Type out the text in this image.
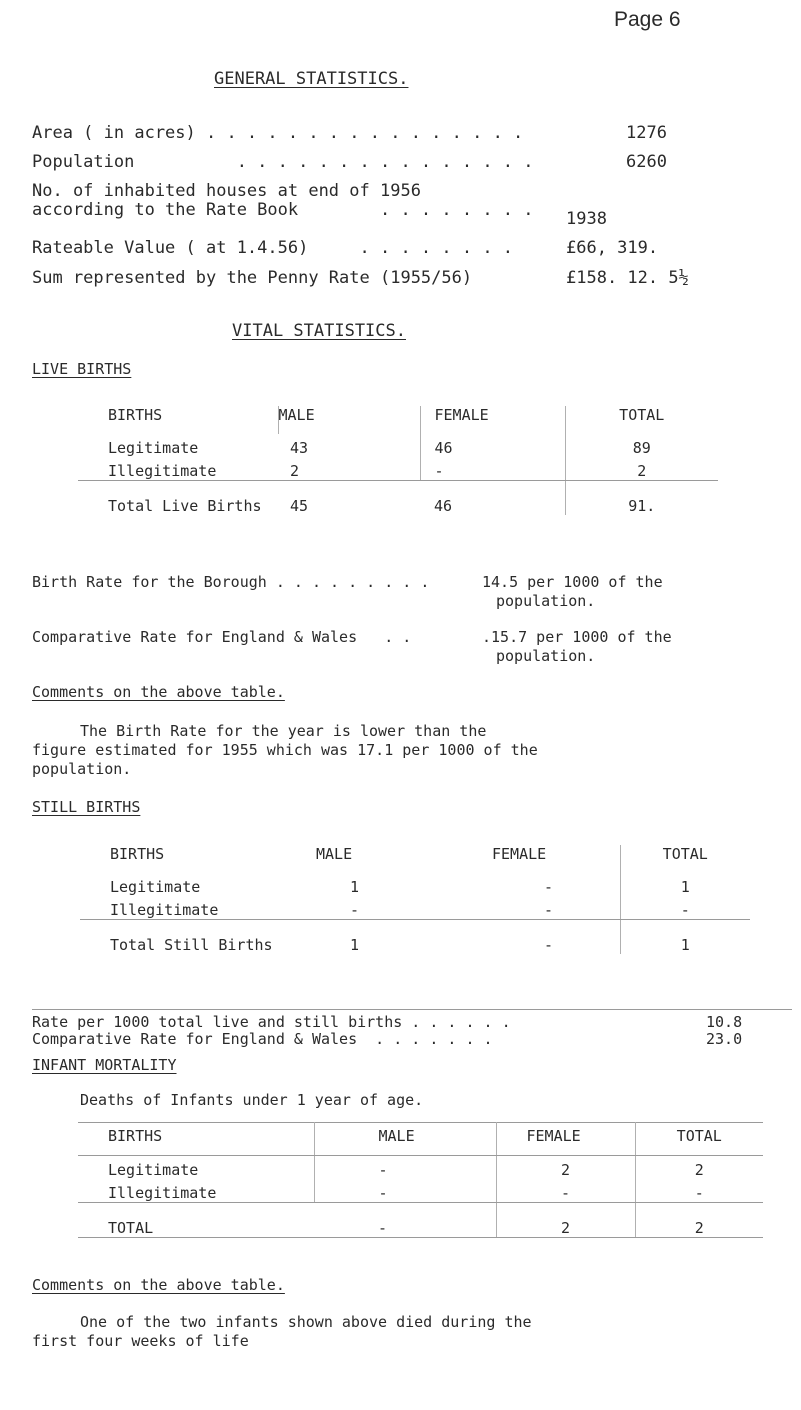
Page 6
GENERAL STATISTICS.
Area ( in acres) . . . . . . . . . . . . . . . .	1276
Population          . . . . . . . . . . . . . . .	6260
No. of inhabited houses at end of 1956
according to the Rate Book        . . . . . . . . 1938
Rateable Value ( at 1.4.56)     . . . . . . . .	£66, 319.
Sum represented by the Penny Rate (1955/56)	£158. 12. 5½
VITAL STATISTICS.
LIVE BIRTHS
BIRTHS	MALE	FEMALE	TOTAL
Legitimate	43	46	89
Illegitimate	2	-	2
Total Live Births	45	46	91.
Birth Rate for the Borough . . . . . . . . .	14.5 per 1000 of the
population.
Comparative Rate for England & Wales   . .	.15.7 per 1000 of the
population.
Comments on the above table.
The Birth Rate for the year is lower than the
figure estimated for 1955 which was 17.1 per 1000 of the
population.
STILL BIRTHS
BIRTHS	MALE	FEMALE	TOTAL
Legitimate	1	-	1
Illegitimate	-	-	-
Total Still Births	1	-	1
Rate per 1000 total live and still births . . . . . .	10.8
Comparative Rate for England & Wales  . . . . . . .	23.0
INFANT MORTALITY
Deaths of Infants under 1 year of age.
BIRTHS	MALE	FEMALE	TOTAL
Legitimate	-	2	2
Illegitimate	-	-	-
TOTAL	-	2	2
Comments on the above table.
One of the two infants shown above died during the
first four weeks of life
